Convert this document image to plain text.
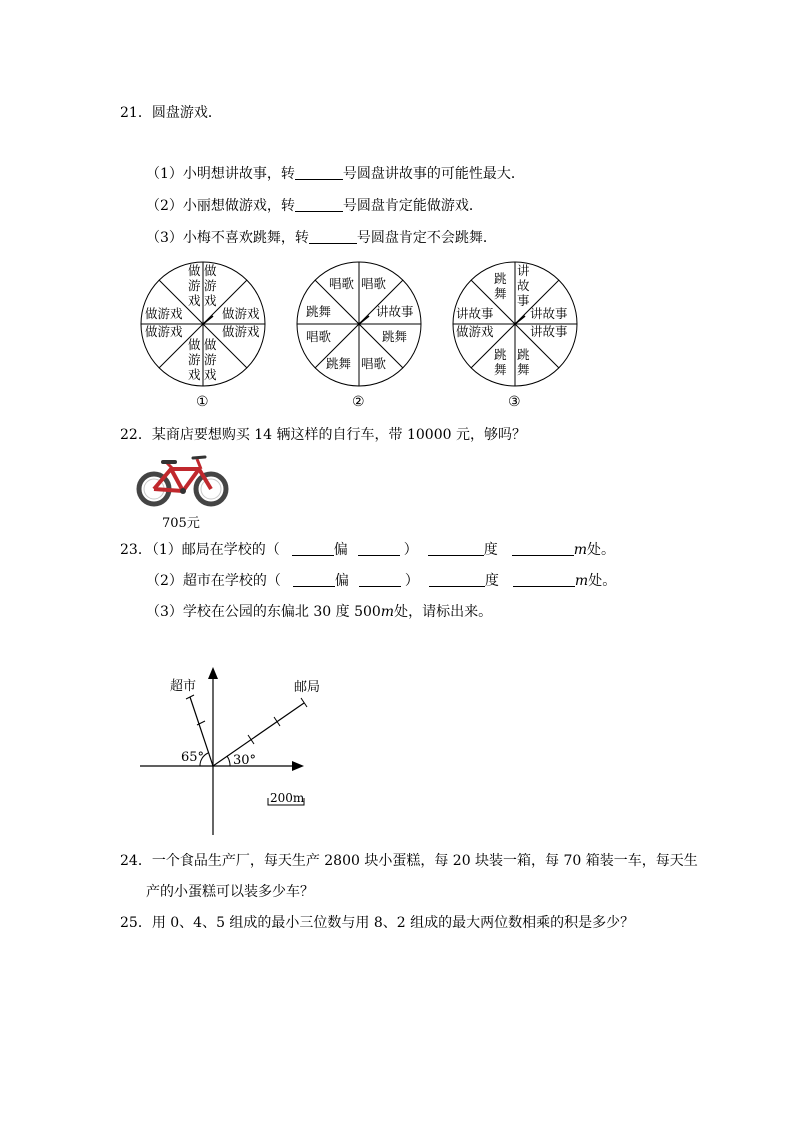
21．圆盘游戏．
（1）小明想讲故事，转	号圆盘讲故事的可能性最大．
（2）小丽想做游戏，转	号圆盘肯定能做游戏．
（3）小梅不喜欢跳舞，转	号圆盘肯定不会跳舞．
做
游
戏
做
游
戏
做游戏
做游戏
做游戏
做游戏
做
游
戏
做
游
戏
①
唱歌 唱歌
跳舞	讲故事
唱歌	跳舞
跳舞 唱歌
②
跳
舞
讲
故
事
讲故事	讲故事
做游戏	讲故事
跳
舞
跳
舞
③
22．某商店要想购买 14 辆这样的自行车，带 10000 元，够吗？
705元
23．（1）邮局在学校的（	偏	）	度	m处。
（2）超市在学校的（	偏	）	度	m处。
（3）学校在公园的东偏北 30 度 500m处，请标出来。
超市	邮局
65° 30°
200m
24．一个食品生产厂，每天生产 2800 块小蛋糕，每 20 块装一箱，每 70 箱装一车，每天生
产的小蛋糕可以装多少车？
25．用 0、4、5 组成的最小三位数与用 8、2 组成的最大两位数相乘的积是多少？
